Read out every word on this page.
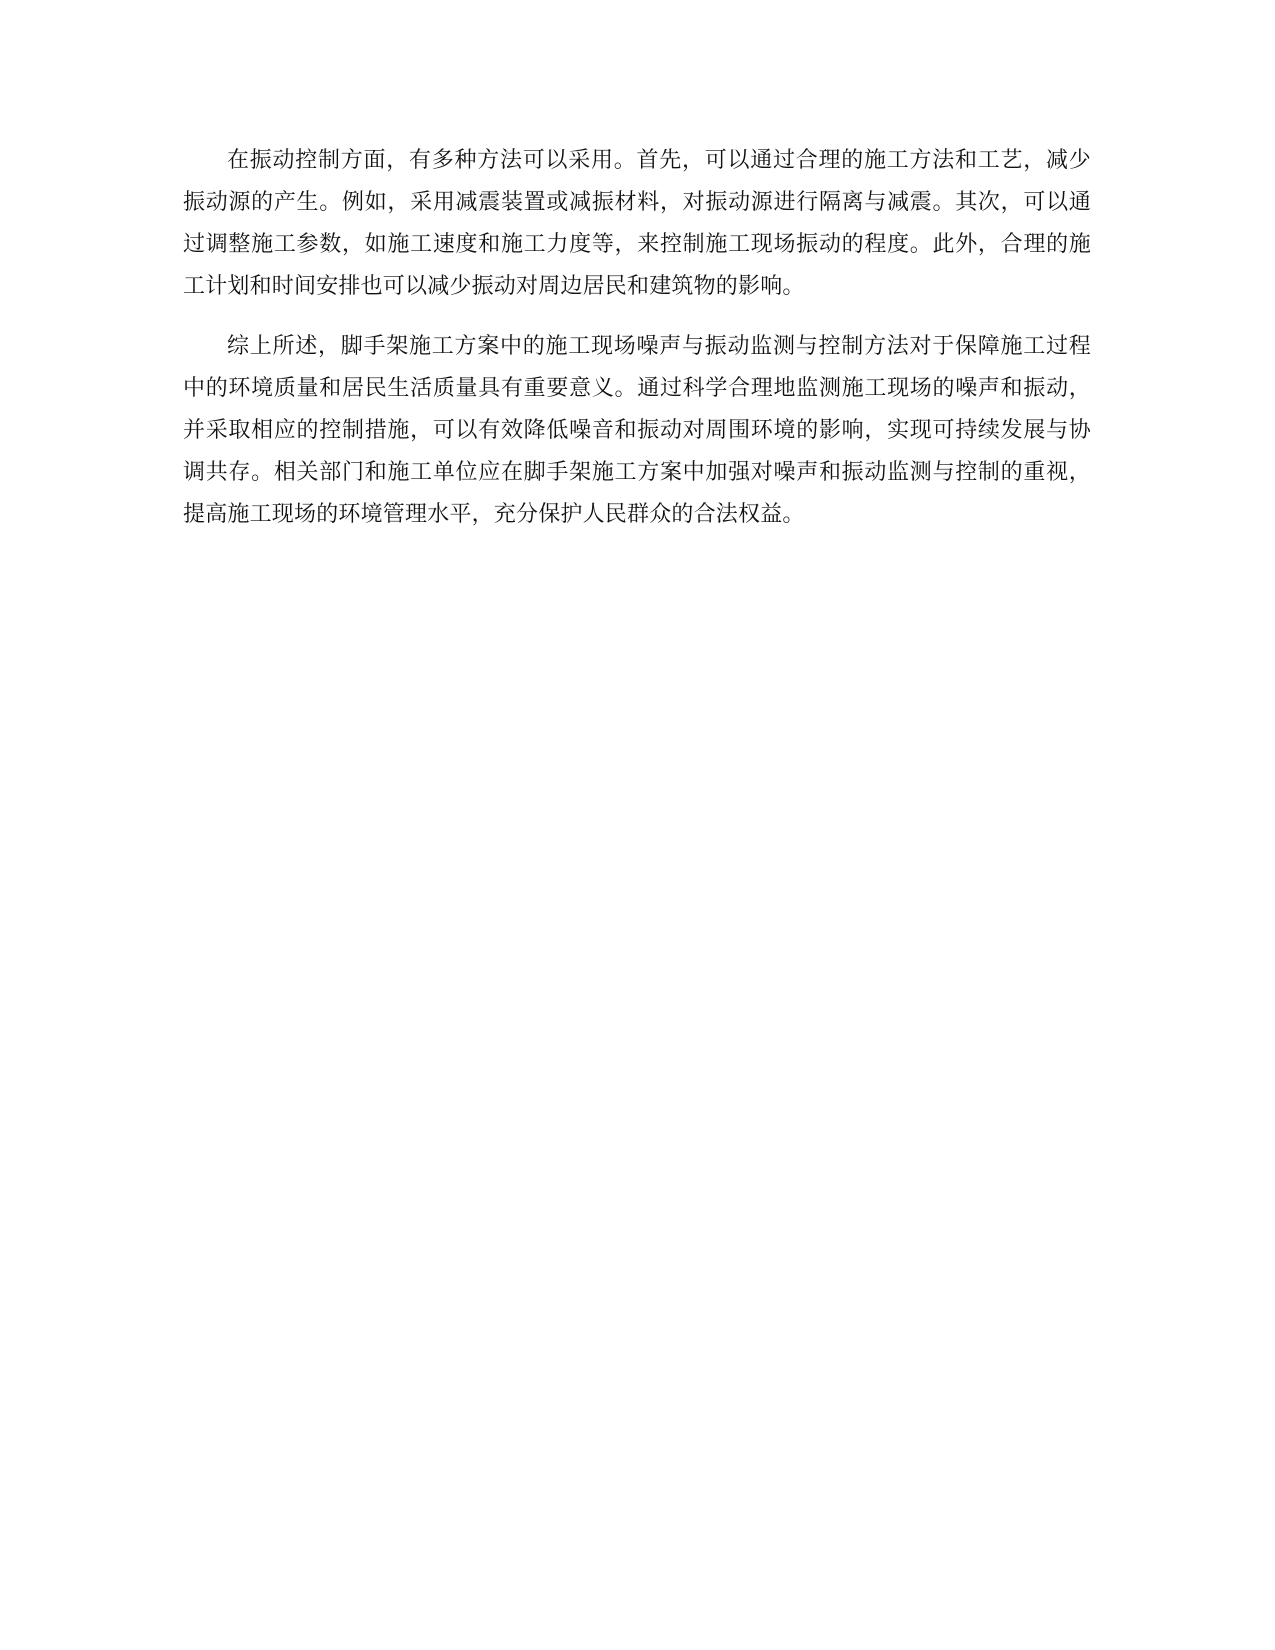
在振动控制方面，有多种方法可以采用。首先，可以通过合理的施工方法和工艺，减少振动源的产生。例如，采用减震装置或减振材料，对振动源进行隔离与减震。其次，可以通过调整施工参数，如施工速度和施工力度等，来控制施工现场振动的程度。此外，合理的施工计划和时间安排也可以减少振动对周边居民和建筑物的影响。

综上所述，脚手架施工方案中的施工现场噪声与振动监测与控制方法对于保障施工过程中的环境质量和居民生活质量具有重要意义。通过科学合理地监测施工现场的噪声和振动，并采取相应的控制措施，可以有效降低噪音和振动对周围环境的影响，实现可持续发展与协调共存。相关部门和施工单位应在脚手架施工方案中加强对噪声和振动监测与控制的重视，提高施工现场的环境管理水平，充分保护人民群众的合法权益。
